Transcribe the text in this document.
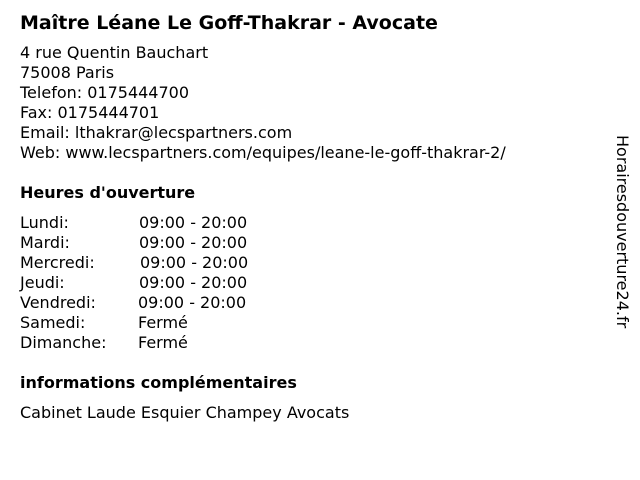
Maître Léane Le Goff-Thakrar - Avocate
4 rue Quentin Bauchart
75008 Paris
Telefon: 0175444700
Fax: 0175444701
Email: lthakrar@lecspartners.com
Web: www.lecspartners.com/equipes/leane-le-goff-thakrar-2/
Heures d'ouverture
Lundi:	09:00 - 20:00
Mardi:	09:00 - 20:00
Mercredi:	09:00 - 20:00
Jeudi:	09:00 - 20:00
Vendredi:	09:00 - 20:00
Samedi:	Fermé
Dimanche: Fermé
informations complémentaires
Cabinet Laude Esquier Champey Avocats
Horairesdouverture24.fr
